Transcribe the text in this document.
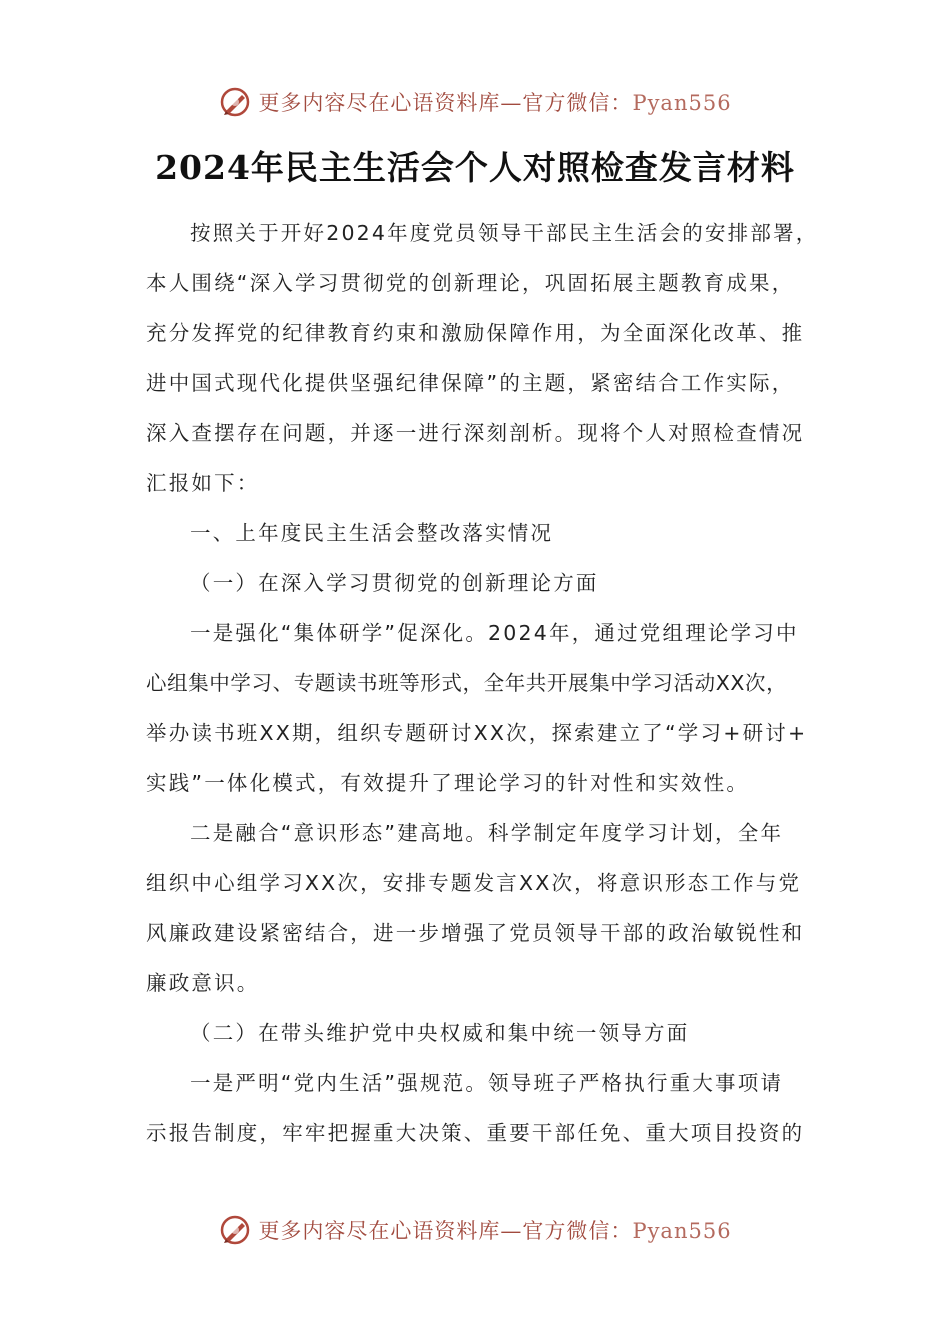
更多内容尽在心语资料库—官方微信：Pyan556
2024年民主生活会个人对照检查发言材料
按照关于开好2024年度党员领导干部民主生活会的安排部署，
本人围绕“深入学习贯彻党的创新理论，巩固拓展主题教育成果，
充分发挥党的纪律教育约束和激励保障作用，为全面深化改革、推
进中国式现代化提供坚强纪律保障”的主题，紧密结合工作实际，
深入查摆存在问题，并逐一进行深刻剖析。现将个人对照检查情况
汇报如下：
一、上年度民主生活会整改落实情况
（一）在深入学习贯彻党的创新理论方面
一是强化“集体研学”促深化。2024年，通过党组理论学习中
心组集中学习、专题读书班等形式，全年共开展集中学习活动XX次，
举办读书班XX期，组织专题研讨XX次，探索建立了“学习+研讨+
实践”一体化模式，有效提升了理论学习的针对性和实效性。
二是融合“意识形态”建高地。科学制定年度学习计划，全年
组织中心组学习XX次，安排专题发言XX次，将意识形态工作与党
风廉政建设紧密结合，进一步增强了党员领导干部的政治敏锐性和
廉政意识。
（二）在带头维护党中央权威和集中统一领导方面
一是严明“党内生活”强规范。领导班子严格执行重大事项请
示报告制度，牢牢把握重大决策、重要干部任免、重大项目投资的
更多内容尽在心语资料库—官方微信：Pyan556
